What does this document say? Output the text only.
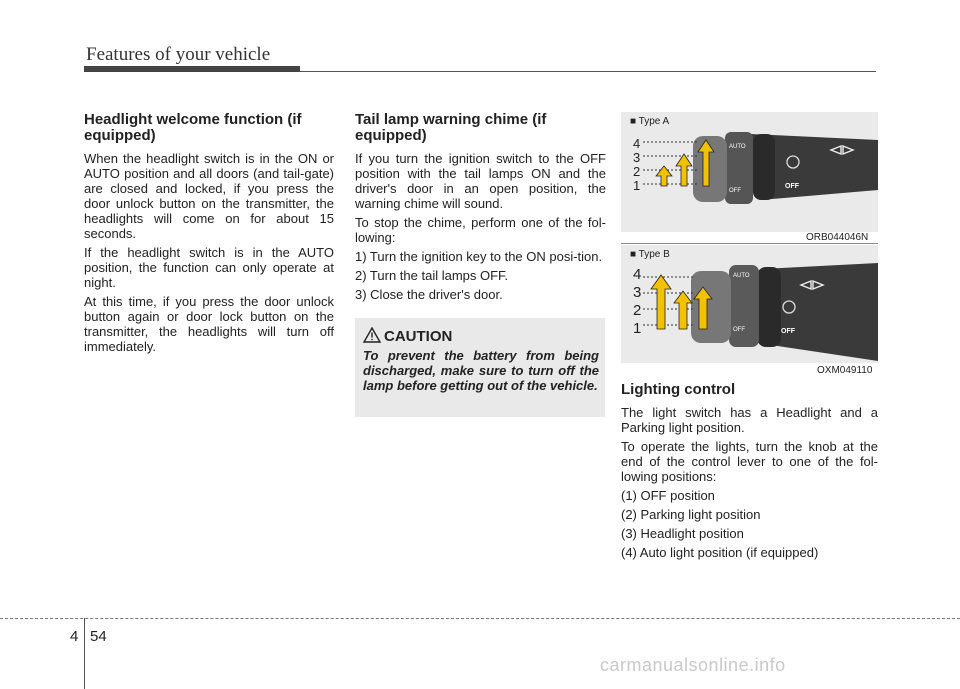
Features of your vehicle
Headlight welcome function (if equipped)

When the headlight switch is in the ON or AUTO position and all doors (and tail-gate) are closed and locked, if you press the door unlock button on the transmitter, the headlights will come on for about 15 seconds.

If the headlight switch is in the AUTO position, the function can only operate at night.

At this time, if you press the door unlock button again or door lock button on the transmitter, the headlights will turn off immediately.

Tail lamp warning chime (if equipped)

If you turn the ignition switch to the OFF position with the tail lamps ON and the driver's door in an open position, the warning chime will sound.

To stop the chime, perform one of the fol-lowing:

1) Turn the ignition key to the ON posi-tion.
2) Turn the tail lamps OFF.
3) Close the driver's door.
CAUTION
To prevent the battery from being discharged, make sure to turn off the lamp before getting out of the vehicle.
■ Type A
AUTO
OFF
OFF
4
3
2
1
ORB044046N
■ Type B
AUTO
OFF	OFF
4
3
2
1
OXM049110
Lighting control

The light switch has a Headlight and a Parking light position.

To operate the lights, turn the knob at the end of the control lever to one of the fol-lowing positions:

(1) OFF position
(2) Parking light position
(3) Headlight position
(4) Auto light position (if equipped)
4 54
carmanualsonline.info
